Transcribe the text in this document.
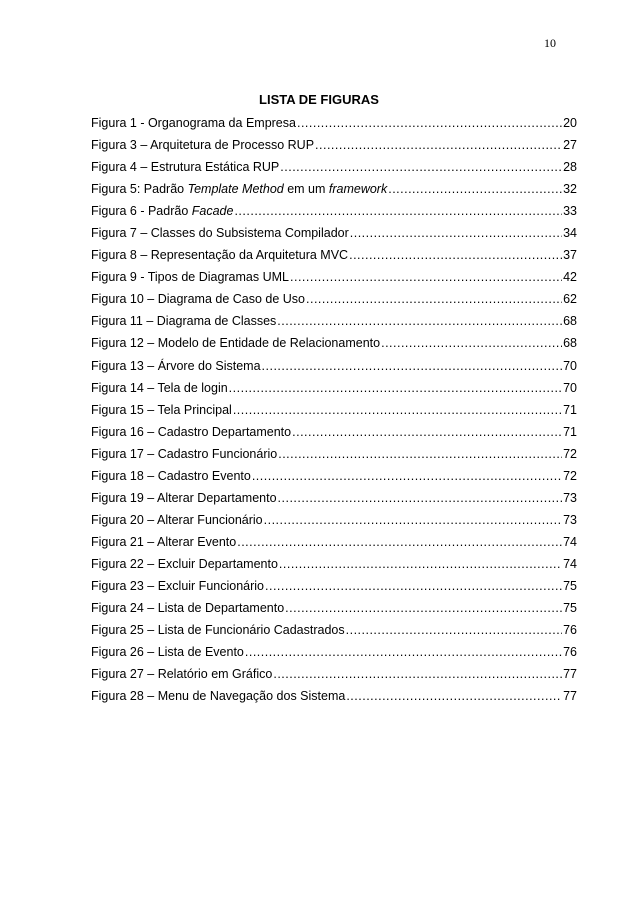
10
LISTA DE FIGURAS
Figura 1 - Organograma da Empresa .....	20
Figura 3 – Arquitetura de Processo RUP .....	27
Figura 4 – Estrutura Estática RUP .....	28
Figura 5: Padrão Template Method em um framework .....	32
Figura 6 - Padrão Facade .....	33
Figura 7 – Classes do Subsistema Compilador .....	34
Figura 8 – Representação da Arquitetura MVC .....	37
Figura 9 - Tipos de Diagramas UML .....	42
Figura 10 – Diagrama de Caso de Uso .....	62
Figura 11 – Diagrama de Classes .....	68
Figura 12 – Modelo de Entidade de Relacionamento .....	68
Figura 13 – Árvore do Sistema .....	70
Figura 14 – Tela de login .....	70
Figura 15 – Tela Principal .....	71
Figura 16 – Cadastro Departamento .....	71
Figura 17 – Cadastro Funcionário .....	72
Figura 18 – Cadastro Evento .....	72
Figura 19 – Alterar Departamento .....	73
Figura 20 – Alterar Funcionário .....	73
Figura 21 – Alterar Evento .....	74
Figura 22 – Excluir Departamento .....	74
Figura 23 – Excluir Funcionário .....	75
Figura 24 – Lista de Departamento .....	75
Figura 25 – Lista de Funcionário Cadastrados .....	76
Figura 26 – Lista de Evento .....	76
Figura 27 – Relatório em Gráfico .....	77
Figura 28 – Menu de Navegação dos Sistema .....	77
